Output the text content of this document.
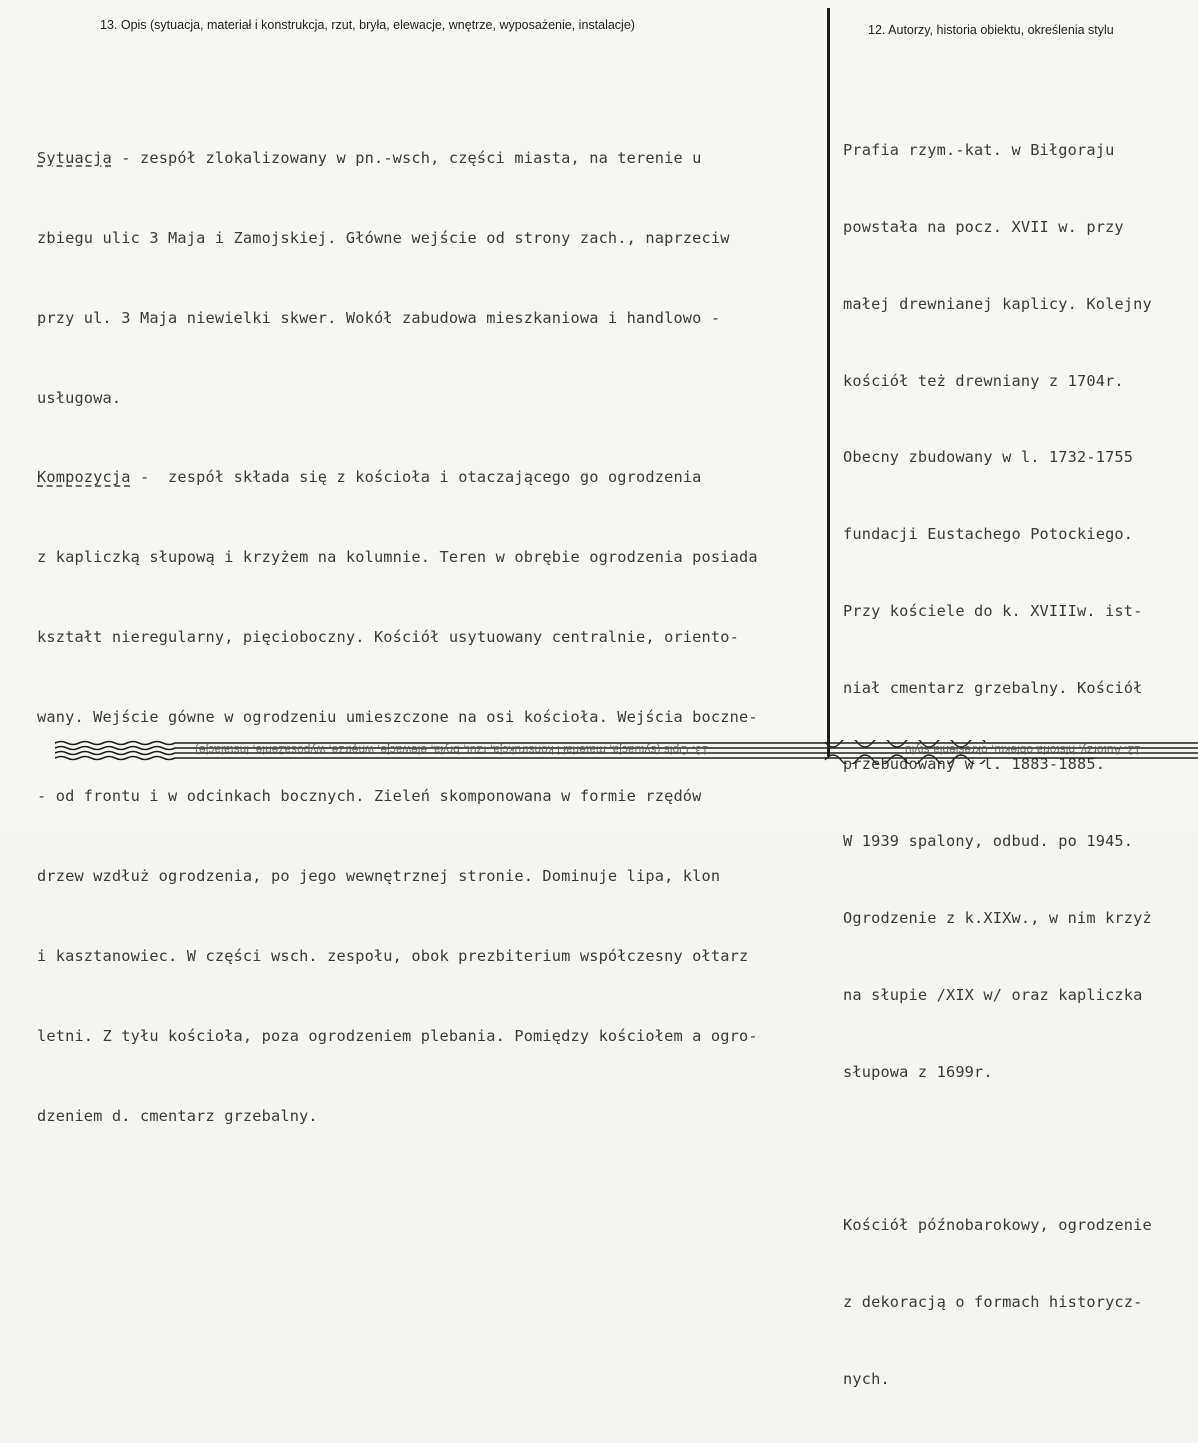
13. Opis (sytuacja, materiał i konstrukcja, rzut, bryła, elewacje, wnętrze, wyposażenie, instalacje)	12. Autorzy, historia obiektu, określenia stylu

Sytuacja - zespół zlokalizowany w pn.-wsch, części miasta, na terenie u

zbiegu ulic 3 Maja i Zamojskiej. Główne wejście od strony zach., naprzeciw

przy ul. 3 Maja niewielki skwer. Wokół zabudowa mieszkaniowa i handlowo -

usługowa.

Kompozycja -  zespół składa się z kościoła i otaczającego go ogrodzenia

z kapliczką słupową i krzyżem na kolumnie. Teren w obrębie ogrodzenia posiada

kształt nieregularny, pięcioboczny. Kościół usytuowany centralnie, oriento-

wany. Wejście gówne w ogrodzeniu umieszczone na osi kościoła. Wejścia boczne-

- od frontu i w odcinkach bocznych. Zieleń skomponowana w formie rzędów

drzew wzdłuż ogrodzenia, po jego wewnętrznej stronie. Dominuje lipa, klon

i kasztanowiec. W części wsch. zespołu, obok prezbiterium współczesny ołtarz

letni. Z tyłu kościoła, poza ogrodzeniem plebania. Pomiędzy kościołem a ogro-

dzeniem d. cmentarz grzebalny.

Prafia rzym.-kat. w Biłgoraju

powstała na pocz. XVII w. przy

małej drewnianej kaplicy. Kolejny

kościół też drewniany z 1704r.

Obecny zbudowany w l. 1732-1755

fundacji Eustachego Potockiego.

Przy kościele do k. XVIIIw. ist-

niał cmentarz grzebalny. Kościół

przebudowany w l. 1883-1885.

W 1939 spalony, odbud. po 1945.

Ogrodzenie z k.XIXw., w nim krzyż

na słupie /XIX w/ oraz kapliczka

słupowa z 1699r.

Kościół późnobarokowy, ogrodzenie

z dekoracją o formach historycz-

nych.

13. Opis (sytuacja, materiał i konstrukcja, rzut, bryła, elewacje, wnętrze, wyposażenie, instalacje)	12. Autorzy, historia obiektu, określenia stylu
